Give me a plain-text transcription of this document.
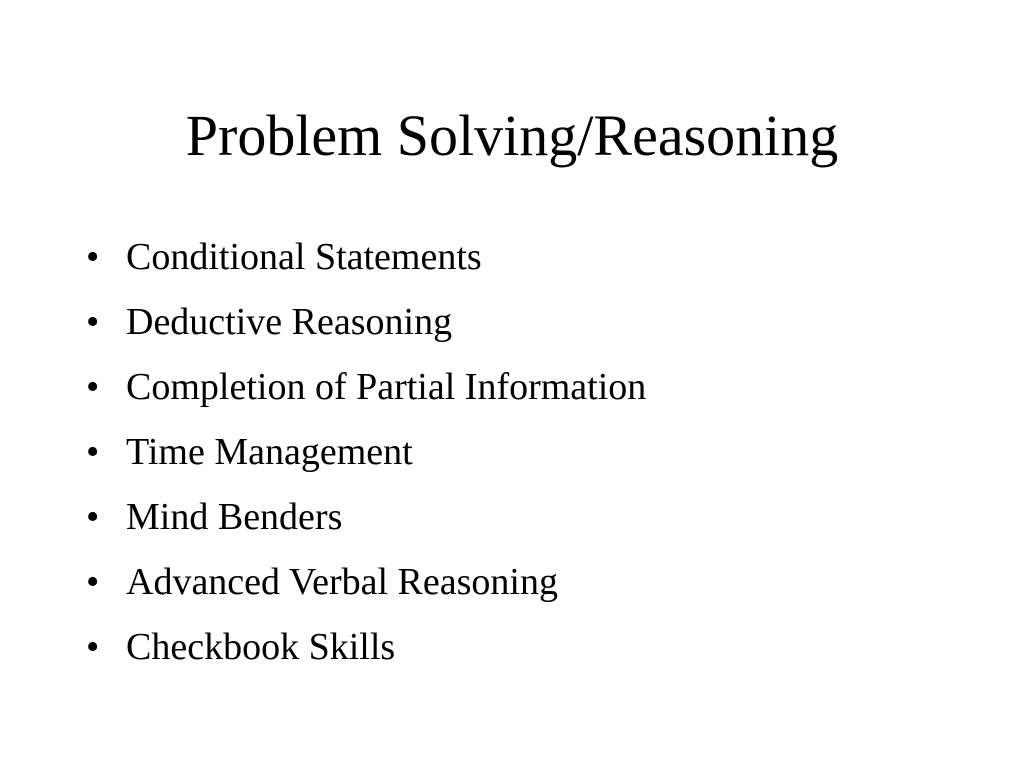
Problem Solving/Reasoning
• Conditional Statements
• Deductive Reasoning
• Completion of Partial Information
• Time Management
• Mind Benders
• Advanced Verbal Reasoning
• Checkbook Skills
